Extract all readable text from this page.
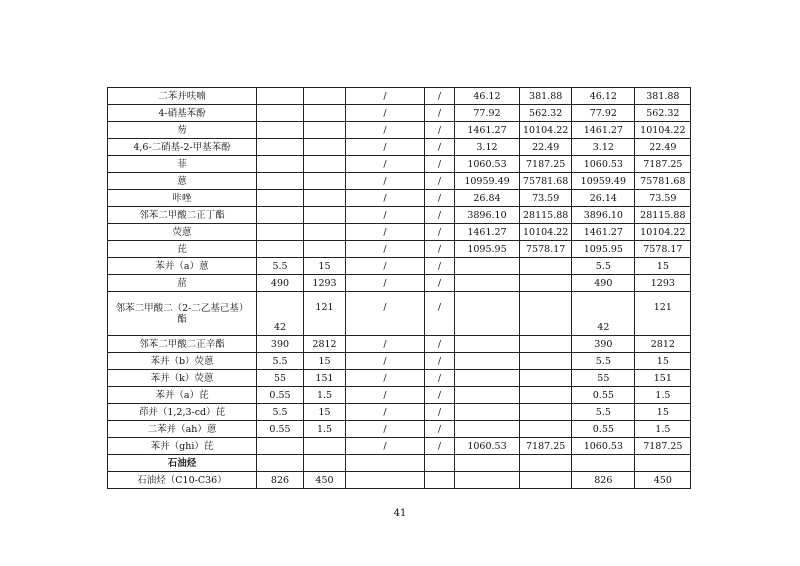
二苯并呋喃			/	/	46.12	381.88	46.12	381.88
4-硝基苯酚			/	/	77.92	562.32	77.92	562.32
芴			/	/	1461.27	10104.22	1461.27	10104.22
4,6-二硝基-2-甲基苯酚			/	/	3.12	22.49	3.12	22.49
菲			/	/	1060.53	7187.25	1060.53	7187.25
蒽			/	/	10959.49	75781.68	10959.49	75781.68
咔唑			/	/	26.84	73.59	26.14	73.59
邻苯二甲酸二正丁酯			/	/	3896.10	28115.88	3896.10	28115.88
荧蒽			/	/	1461.27	10104.22	1461.27	10104.22
芘			/	/	1095.95	7578.17	1095.95	7578.17
苯并（a）蒽	5.5	15	/	/			5.5	15
䓛	490	1293	/	/			490	1293
邻苯二甲酸二（2-二乙基己基）酯	42	121	/	/			42	121
邻苯二甲酸二正辛酯	390	2812	/	/			390	2812
苯并（b）荧蒽	5.5	15	/	/			5.5	15
苯并（k）荧蒽	55	151	/	/			55	151
苯并（a）芘	0.55	1.5	/	/			0.55	1.5
茚并（1,2,3-cd）芘	5.5	15	/	/			5.5	15
二苯并（ah）蒽	0.55	1.5	/	/			0.55	1.5
苯并（ghi）芘			/	/	1060.53	7187.25	1060.53	7187.25
石油烃								
石油烃（C10-C36）	826	450					826	450
41
